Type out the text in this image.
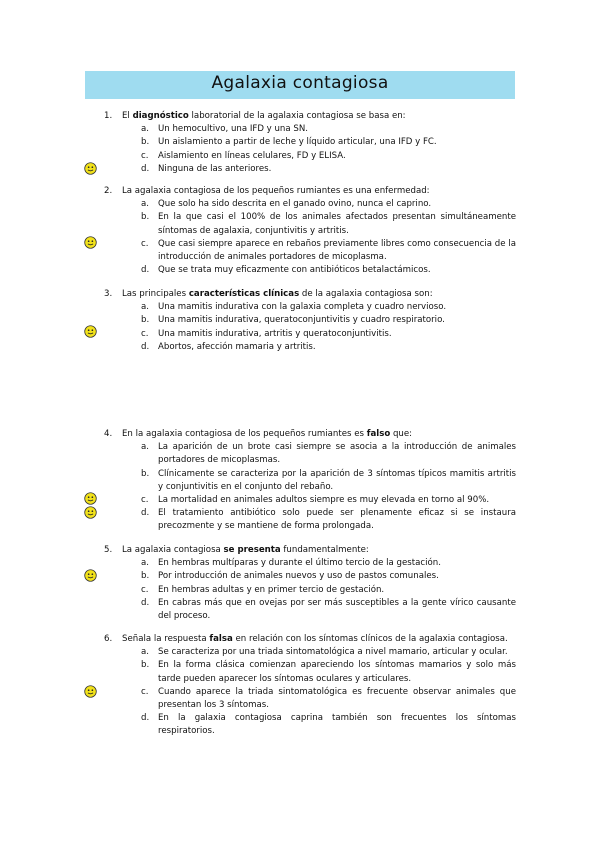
Agalaxia contagiosa
1. El diagnóstico laboratorial de la agalaxia contagiosa se basa en:
a. Un hemocultivo, una IFD y una SN.
b. Un aislamiento a partir de leche y líquido articular, una IFD y FC.
c. Aislamiento en líneas celulares, FD y ELISA.
d. Ninguna de las anteriores.
2. La agalaxia contagiosa de los pequeños rumiantes es una enfermedad:
a. Que solo ha sido descrita en el ganado ovino, nunca el caprino.
b. En la que casi el 100% de los animales afectados presentan simultáneamente síntomas de agalaxia, conjuntivitis y artritis.
c. Que casi siempre aparece en rebaños previamente libres como consecuencia de la introducción de animales portadores de micoplasma.
d. Que se trata muy eficazmente con antibióticos betalactámicos.
3. Las principales características clínicas de la agalaxia contagiosa son:
a. Una mamitis indurativa con la galaxia completa y cuadro nervioso.
b. Una mamitis indurativa, queratoconjuntivitis y cuadro respiratorio.
c. Una mamitis indurativa, artritis y queratoconjuntivitis.
d. Abortos, afección mamaria y artritis.
4. En la agalaxia contagiosa de los pequeños rumiantes es falso que:
a. La aparición de un brote casi siempre se asocia a la introducción de animales portadores de micoplasmas.
b. Clínicamente se caracteriza por la aparición de 3 síntomas típicos mamitis artritis y conjuntivitis en el conjunto del rebaño.
c. La mortalidad en animales adultos siempre es muy elevada en torno al 90%.
d. El tratamiento antibiótico solo puede ser plenamente eficaz si se instaura precozmente y se mantiene de forma prolongada.
5. La agalaxia contagiosa se presenta fundamentalmente:
a. En hembras multíparas y durante el último tercio de la gestación.
b. Por introducción de animales nuevos y uso de pastos comunales.
c. En hembras adultas y en primer tercio de gestación.
d. En cabras más que en ovejas por ser más susceptibles a la gente vírico causante del proceso.
6. Señala la respuesta falsa en relación con los síntomas clínicos de la agalaxia contagiosa.
a. Se caracteriza por una triada sintomatológica a nivel mamario, articular y ocular.
b. En la forma clásica comienzan apareciendo los síntomas mamarios y solo más tarde pueden aparecer los síntomas oculares y articulares.
c. Cuando aparece la triada sintomatológica es frecuente observar animales que presentan los 3 síntomas.
d. En la galaxia contagiosa caprina también son frecuentes los síntomas respiratorios.
